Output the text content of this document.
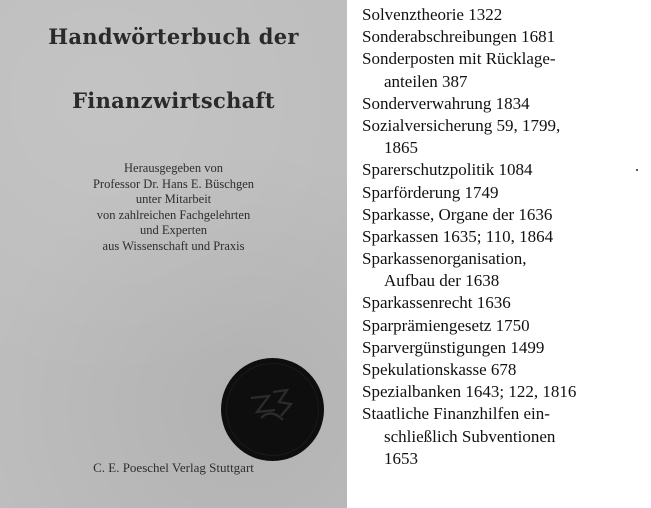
Handwörterbuch der
Finanzwirtschaft
Herausgegeben von
Professor Dr. Hans E. Büschgen
unter Mitarbeit
von zahlreichen Fachgelehrten
und Experten
aus Wissenschaft und Praxis
C. E. Poeschel Verlag Stuttgart
Solvenztheorie 1322
Sonderabschreibungen 1681
Sonderposten mit Rücklage-
anteilen 387
Sonderverwahrung 1834
Sozialversicherung 59, 1799,
1865
Sparerschutzpolitik 1084
Sparförderung 1749
Sparkasse, Organe der 1636
Sparkassen 1635; 110, 1864
Sparkassenorganisation,
Aufbau der 1638
Sparkassenrecht 1636
Sparprämiengesetz 1750
Sparvergünstigungen 1499
Spekulationskasse 678
Spezialbanken 1643; 122, 1816
Staatliche Finanzhilfen ein-
schließlich Subventionen
1653
